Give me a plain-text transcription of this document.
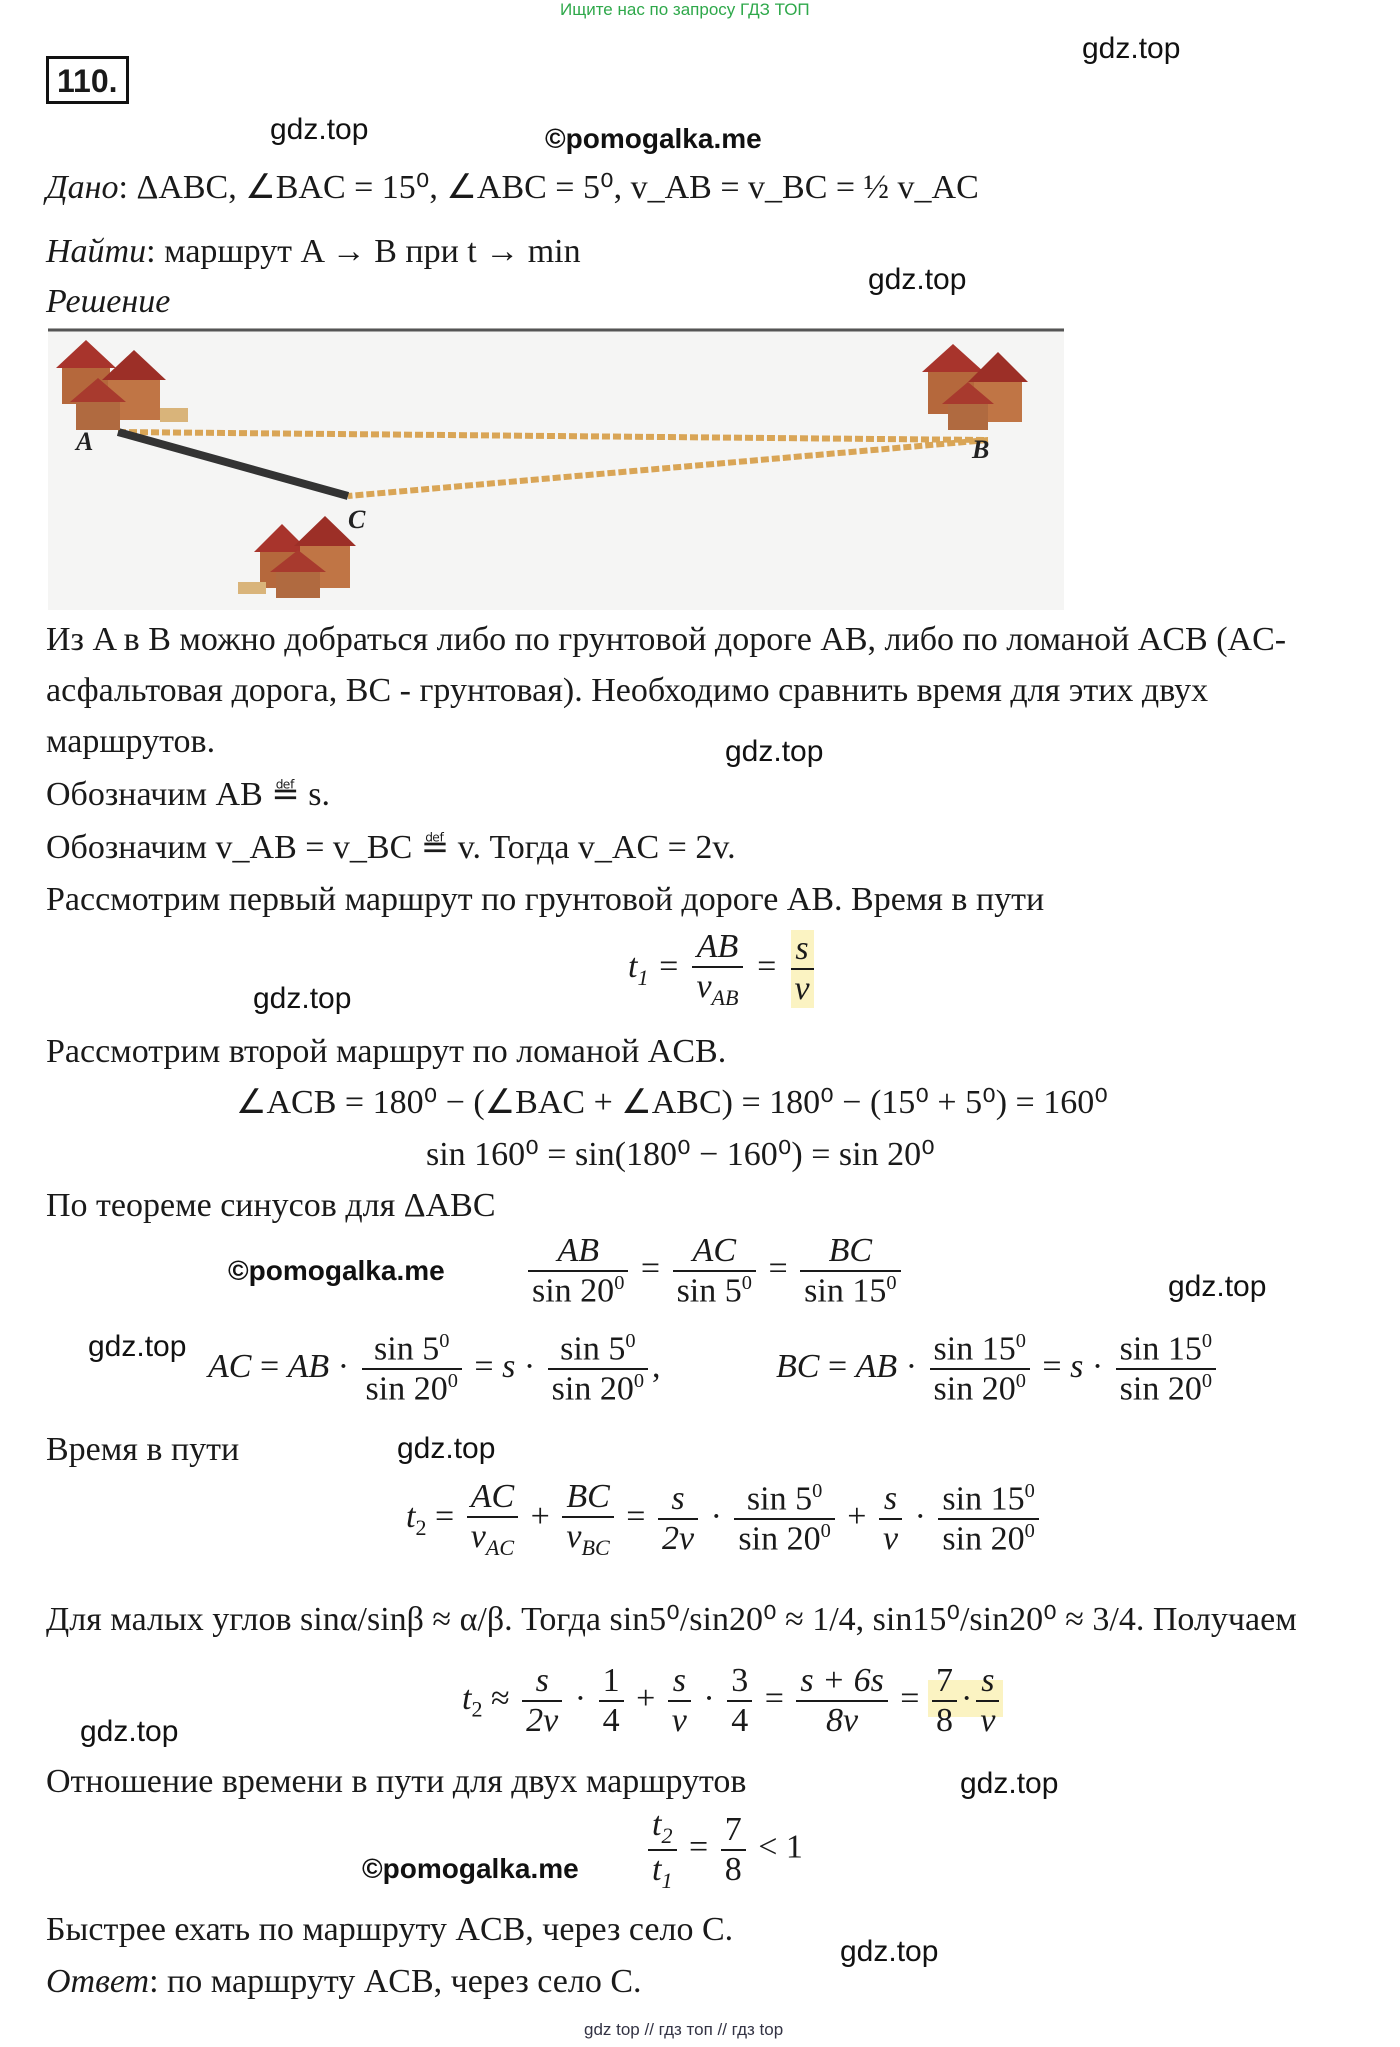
Ищите нас по запросу ГДЗ ТОП
110.
gdz.top
gdz.top	©pomogalka.me
gdz.top
gdz.top
gdz.top
©pomogalka.me	gdz.top
gdz.top
gdz.top
gdz.top
gdz.top
©pomogalka.me
gdz.top
Дано: ΔABC, ∠BAC = 15⁰, ∠ABC = 5⁰, v_AB = v_BC = ½ v_AC
Найти: маршрут A → B при t → min
Решение
A	B
C
Из A в B можно добраться либо по грунтовой дороге AB, либо по ломаной ACB (AC-
асфальтовая дорога, BC - грунтовая). Необходимо сравнить время для этих двух
маршрутов.
Обозначим AB ≝ s.
Обозначим v_AB = v_BC ≝ v. Тогда v_AC = 2v.
Рассмотрим первый маршрут по грунтовой дороге AB. Время в пути
$t_1 = \frac{AB}{v_{AB}} = \frac{s}{v}$
Рассмотрим второй маршрут по ломаной ACB.
∠ACB = 180⁰ − (∠BAC + ∠ABC) = 180⁰ − (15⁰ + 5⁰) = 160⁰
sin 160⁰ = sin(180⁰ − 160⁰) = sin 20⁰
По теореме синусов для ΔABC
$\frac{AB}{\sin 20^0} = \frac{AC}{\sin 5^0} = \frac{BC}{\sin 15^0}$
AC = AB · $\frac{\sin 5^0}{\sin 20^0} = s \cdot \frac{\sin 5^0}{\sin 20^0}$ ,	BC = AB · $\frac{\sin 15^0}{\sin 20^0} = s \cdot \frac{\sin 15^0}{\sin 20^0}$
Время в пути
$t_2 = \frac{AC}{v_{AC}} + \frac{BC}{v_{BC}} = \frac{s}{2v} \cdot \frac{\sin 5^0}{\sin 20^0} + \frac{s}{v} \cdot \frac{\sin 15^0}{\sin 20^0}$
Для малых углов sinα/sinβ ≈ α/β. Тогда sin5⁰/sin20⁰ ≈ 1/4, sin15⁰/sin20⁰ ≈ 3/4. Получаем
$t_2 \approx \frac{s}{2v} \cdot \frac{1}{4} + \frac{s}{v} \cdot \frac{3}{4} = \frac{s + 6s}{8v} = \frac{7}{8} \cdot \frac{s}{v}$
Отношение времени в пути для двух маршрутов
$\frac{t_2}{t_1} = \frac{7}{8} < 1$
Быстрее ехать по маршруту ACB, через село C.
Ответ: по маршруту ACB, через село C.
gdz top // гдз топ // гдз top
